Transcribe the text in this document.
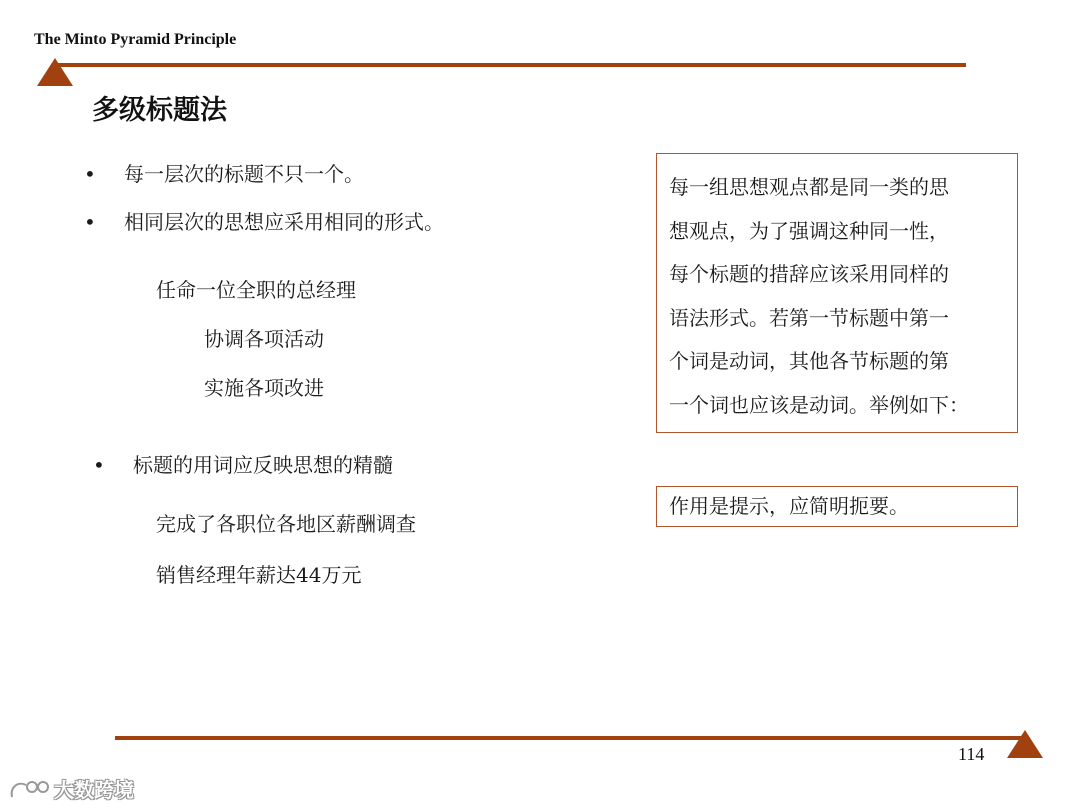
The Minto Pyramid Principle
多级标题法
• 每一层次的标题不只一个。
• 相同层次的思想应采用相同的形式。
任命一位全职的总经理
协调各项活动
实施各项改进
• 标题的用词应反映思想的精髓
完成了各职位各地区薪酬调查
销售经理年薪达44万元
每一组思想观点都是同一类的思
想观点，为了强调这种同一性，
每个标题的措辞应该采用同样的
语法形式。若第一节标题中第一
个词是动词，其他各节标题的第
一个词也应该是动词。举例如下：
作用是提示，应简明扼要。
114
大数跨境
